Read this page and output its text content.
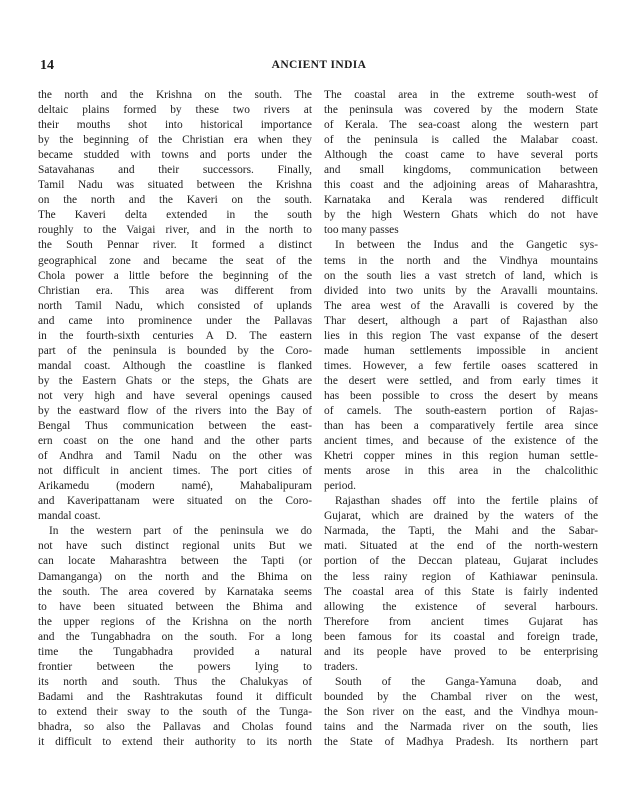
14	ANCIENT INDIA
the north and the Krishna on the south. The
deltaic plains formed by these two rivers at
their mouths shot into historical importance
by the beginning of the Christian era when they
became studded with towns and ports under the
Satavahanas and their successors. Finally,
Tamil Nadu was situated between the Krishna
on the north and the Kaveri on the south.
The Kaveri delta extended in the south
roughly to the Vaigai river, and in the north to
the South Pennar river. It formed a distinct
geographical zone and became the seat of the
Chola power a little before the beginning of the
Christian era. This area was different from
north Tamil Nadu, which consisted of uplands
and came into prominence under the Pallavas
in the fourth-sixth centuries A D. The eastern
part of the peninsula is bounded by the Coro-
mandal coast. Although the coastline is flanked
by the Eastern Ghats or the steps, the Ghats are
not very high and have several openings caused
by the eastward flow of the rivers into the Bay of
Bengal Thus communication between the east-
ern coast on the one hand and the other parts
of Andhra and Tamil Nadu on the other was
not difficult in ancient times. The port cities of
Arikamedu (modern namé), Mahabalipuram
and Kaveripattanam were situated on the Coro-
mandal coast.
In the western part of the peninsula we do
not have such distinct regional units But we
can locate Maharashtra between the Tapti (or
Damanganga) on the north and the Bhima on
the south. The area covered by Karnataka seems
to have been situated between the Bhima and
the upper regions of the Krishna on the north
and the Tungabhadra on the south. For a long
time the Tungabhadra provided a natural
frontier between the powers lying to
its north and south. Thus the Chalukyas of
Badami and the Rashtrakutas found it difficult
to extend their sway to the south of the Tunga-
bhadra, so also the Pallavas and Cholas found
it difficult to extend their authority to its north
The coastal area in the extreme south-west of
the peninsula was covered by the modern State
of Kerala. The sea-coast along the western part
of the peninsula is called the Malabar coast.
Although the coast came to have several ports
and small kingdoms, communication between
this coast and the adjoining areas of Maharashtra,
Karnataka and Kerala was rendered difficult
by the high Western Ghats which do not have
too many passes
In between the Indus and the Gangetic sys-
tems in the north and the Vindhya mountains
on the south lies a vast stretch of land, which is
divided into two units by the Aravalli mountains.
The area west of the Aravalli is covered by the
Thar desert, although a part of Rajasthan also
lies in this region The vast expanse of the desert
made human settlements impossible in ancient
times. However, a few fertile oases scattered in
the desert were settled, and from early times it
has been possible to cross the desert by means
of camels. The south-eastern portion of Rajas-
than has been a comparatively fertile area since
ancient times, and because of the existence of the
Khetri copper mines in this region human settle-
ments arose in this area in the chalcolithic
period.
Rajasthan shades off into the fertile plains of
Gujarat, which are drained by the waters of the
Narmada, the Tapti, the Mahi and the Sabar-
mati. Situated at the end of the north-western
portion of the Deccan plateau, Gujarat includes
the less rainy region of Kathiawar peninsula.
The coastal area of this State is fairly indented
allowing the existence of several harbours.
Therefore from ancient times Gujarat has
been famous for its coastal and foreign trade,
and its people have proved to be enterprising
traders.
South of the Ganga-Yamuna doab, and
bounded by the Chambal river on the west,
the Son river on the east, and the Vindhya moun-
tains and the Narmada river on the south, lies
the State of Madhya Pradesh. Its northern part
